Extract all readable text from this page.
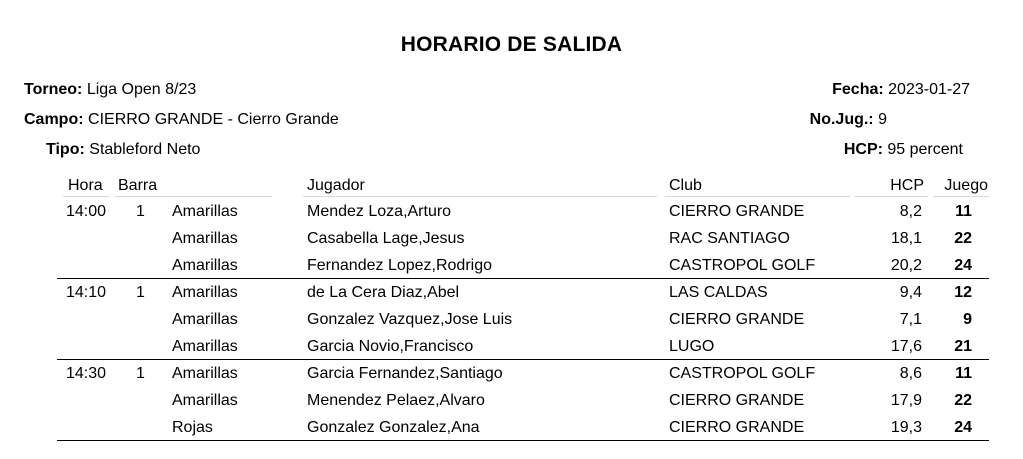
HORARIO DE SALIDA
Torneo: Liga Open 8/23
Campo: CIERRO GRANDE - Cierro Grande
Tipo: Stableford Neto
Fecha: 2023-01-27
No.Jug.: 9
HCP: 95 percent
Hora Barra	Jugador	Club	HCP Juego
14:00 1 Amarillas	Mendez Loza,Arturo	CIERRO GRANDE	8,2 11
Amarillas	Casabella Lage,Jesus	RAC SANTIAGO	18,1 22
Amarillas	Fernandez Lopez,Rodrigo	CASTROPOL GOLF	20,2 24
14:10 1 Amarillas	de La Cera Diaz,Abel	LAS CALDAS	9,4 12
Amarillas	Gonzalez Vazquez,Jose Luis	CIERRO GRANDE	7,1	9
Amarillas	Garcia Novio,Francisco	LUGO	17,6 21
14:30 1 Amarillas	Garcia Fernandez,Santiago	CASTROPOL GOLF	8,6 11
Amarillas	Menendez Pelaez,Alvaro	CIERRO GRANDE	17,9 22
Rojas	Gonzalez Gonzalez,Ana	CIERRO GRANDE	19,3 24
